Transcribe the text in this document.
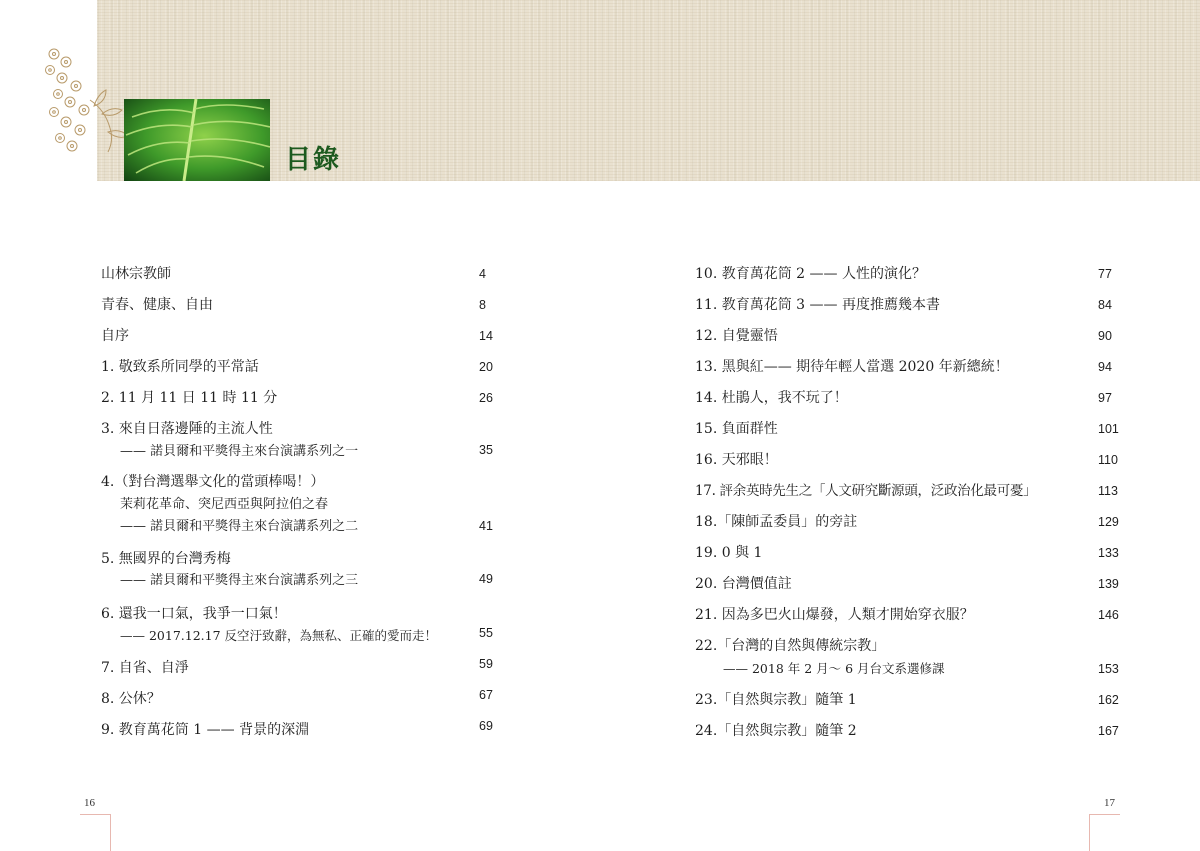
目錄
山林宗教師	4
青春、健康、自由	8
自序	14
1. 敬致系所同學的平常話	20
2. 11 月 11 日 11 時 11 分	26
3. 來自日落邊陲的主流人性
—— 諾貝爾和平獎得主來台演講系列之一	35
4.（對台灣選舉文化的當頭棒喝！）
茉莉花革命、突尼西亞與阿拉伯之春
—— 諾貝爾和平獎得主來台演講系列之二	41
5. 無國界的台灣秀梅
—— 諾貝爾和平獎得主來台演講系列之三	49
6. 還我一口氣，我爭一口氣！
—— 2017.12.17 反空汙致辭，為無私、正確的愛而走！	55
7. 自省、自淨	59
8. 公休？	67
9. 教育萬花筒 1 —— 背景的深淵	69
10. 教育萬花筒 2 —— 人性的演化？	77
11. 教育萬花筒 3 —— 再度推薦幾本書	84
12. 自覺靈悟	90
13. 黑與紅—— 期待年輕人當選 2020 年新總統！	94
14. 杜鵑人，我不玩了！	97
15. 負面群性	101
16. 天邪眼！	110
17. 評余英時先生之「人文研究斷源頭，泛政治化最可憂」	113
18.「陳師孟委員」的旁註	129
19. 0 與 1	133
20. 台灣價值註	139
21. 因為多巴火山爆發，人類才開始穿衣服？	146
22.「台灣的自然與傳統宗教」
—— 2018 年 2 月～ 6 月台文系選修課	153
23.「自然與宗教」隨筆 1	162
24.「自然與宗教」隨筆 2	167
16	17
